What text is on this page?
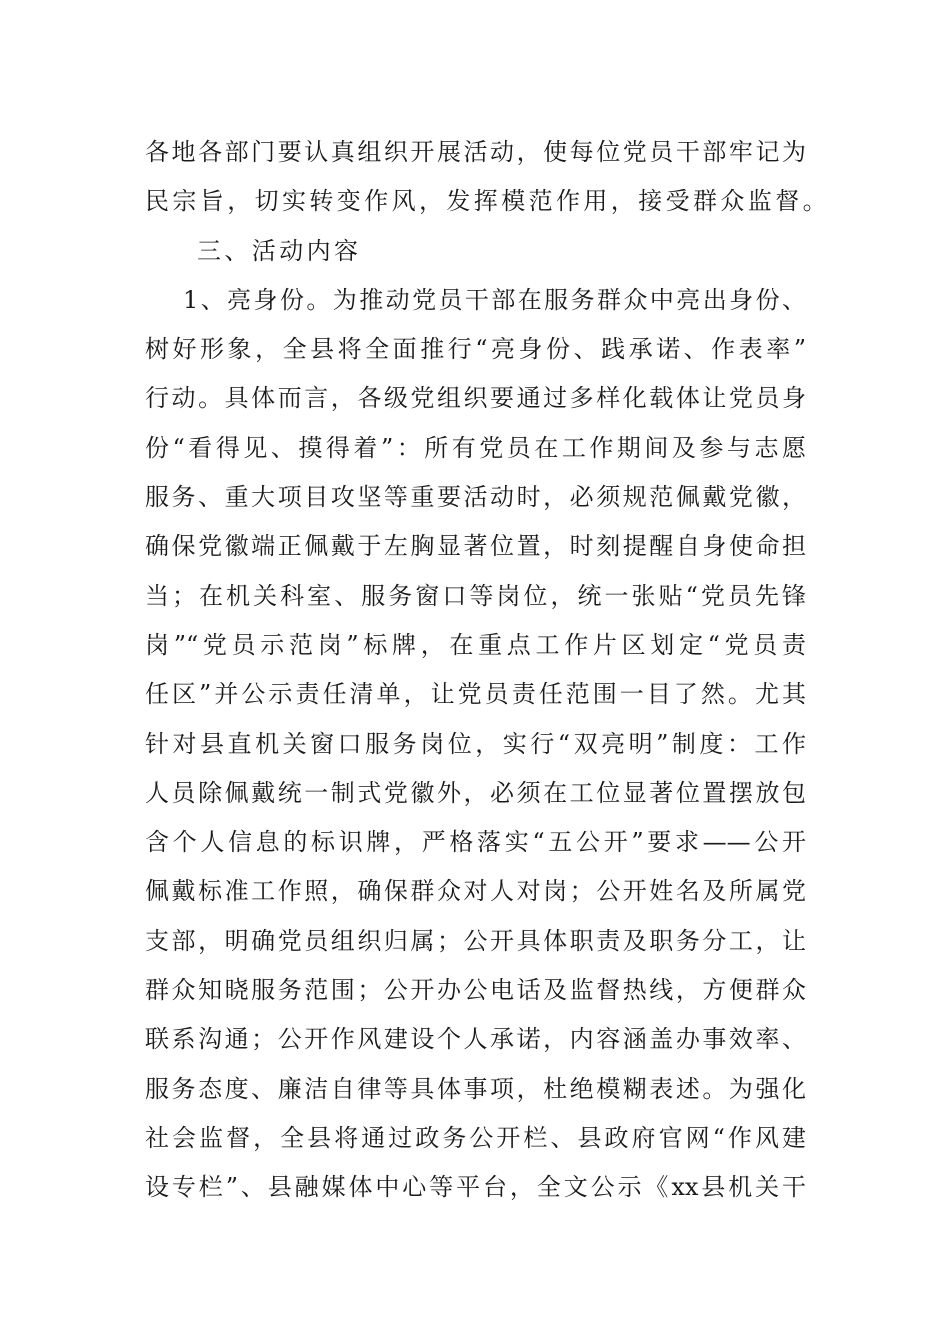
各地各部门要认真组织开展活动，使每位党员干部牢记为
民宗旨，切实转变作风，发挥模范作用，接受群众监督。
三、活动内容
1、亮身份。为推动党员干部在服务群众中亮出身份、
树好形象，全县将全面推行“亮身份、践承诺、作表率”
行动。具体而言，各级党组织要通过多样化载体让党员身
份“看得见、摸得着”：所有党员在工作期间及参与志愿
服务、重大项目攻坚等重要活动时，必须规范佩戴党徽，
确保党徽端正佩戴于左胸显著位置，时刻提醒自身使命担
当；在机关科室、服务窗口等岗位，统一张贴“党员先锋
岗”“党员示范岗”标牌，在重点工作片区划定“党员责
任区”并公示责任清单，让党员责任范围一目了然。尤其
针对县直机关窗口服务岗位，实行“双亮明”制度：工作
人员除佩戴统一制式党徽外，必须在工位显著位置摆放包
含个人信息的标识牌，严格落实“五公开”要求——公开
佩戴标准工作照，确保群众对人对岗；公开姓名及所属党
支部，明确党员组织归属；公开具体职责及职务分工，让
群众知晓服务范围；公开办公电话及监督热线，方便群众
联系沟通；公开作风建设个人承诺，内容涵盖办事效率、
服务态度、廉洁自律等具体事项，杜绝模糊表述。为强化
社会监督，全县将通过政务公开栏、县政府官网“作风建
设专栏”、县融媒体中心等平台，全文公示《xx县机关干
